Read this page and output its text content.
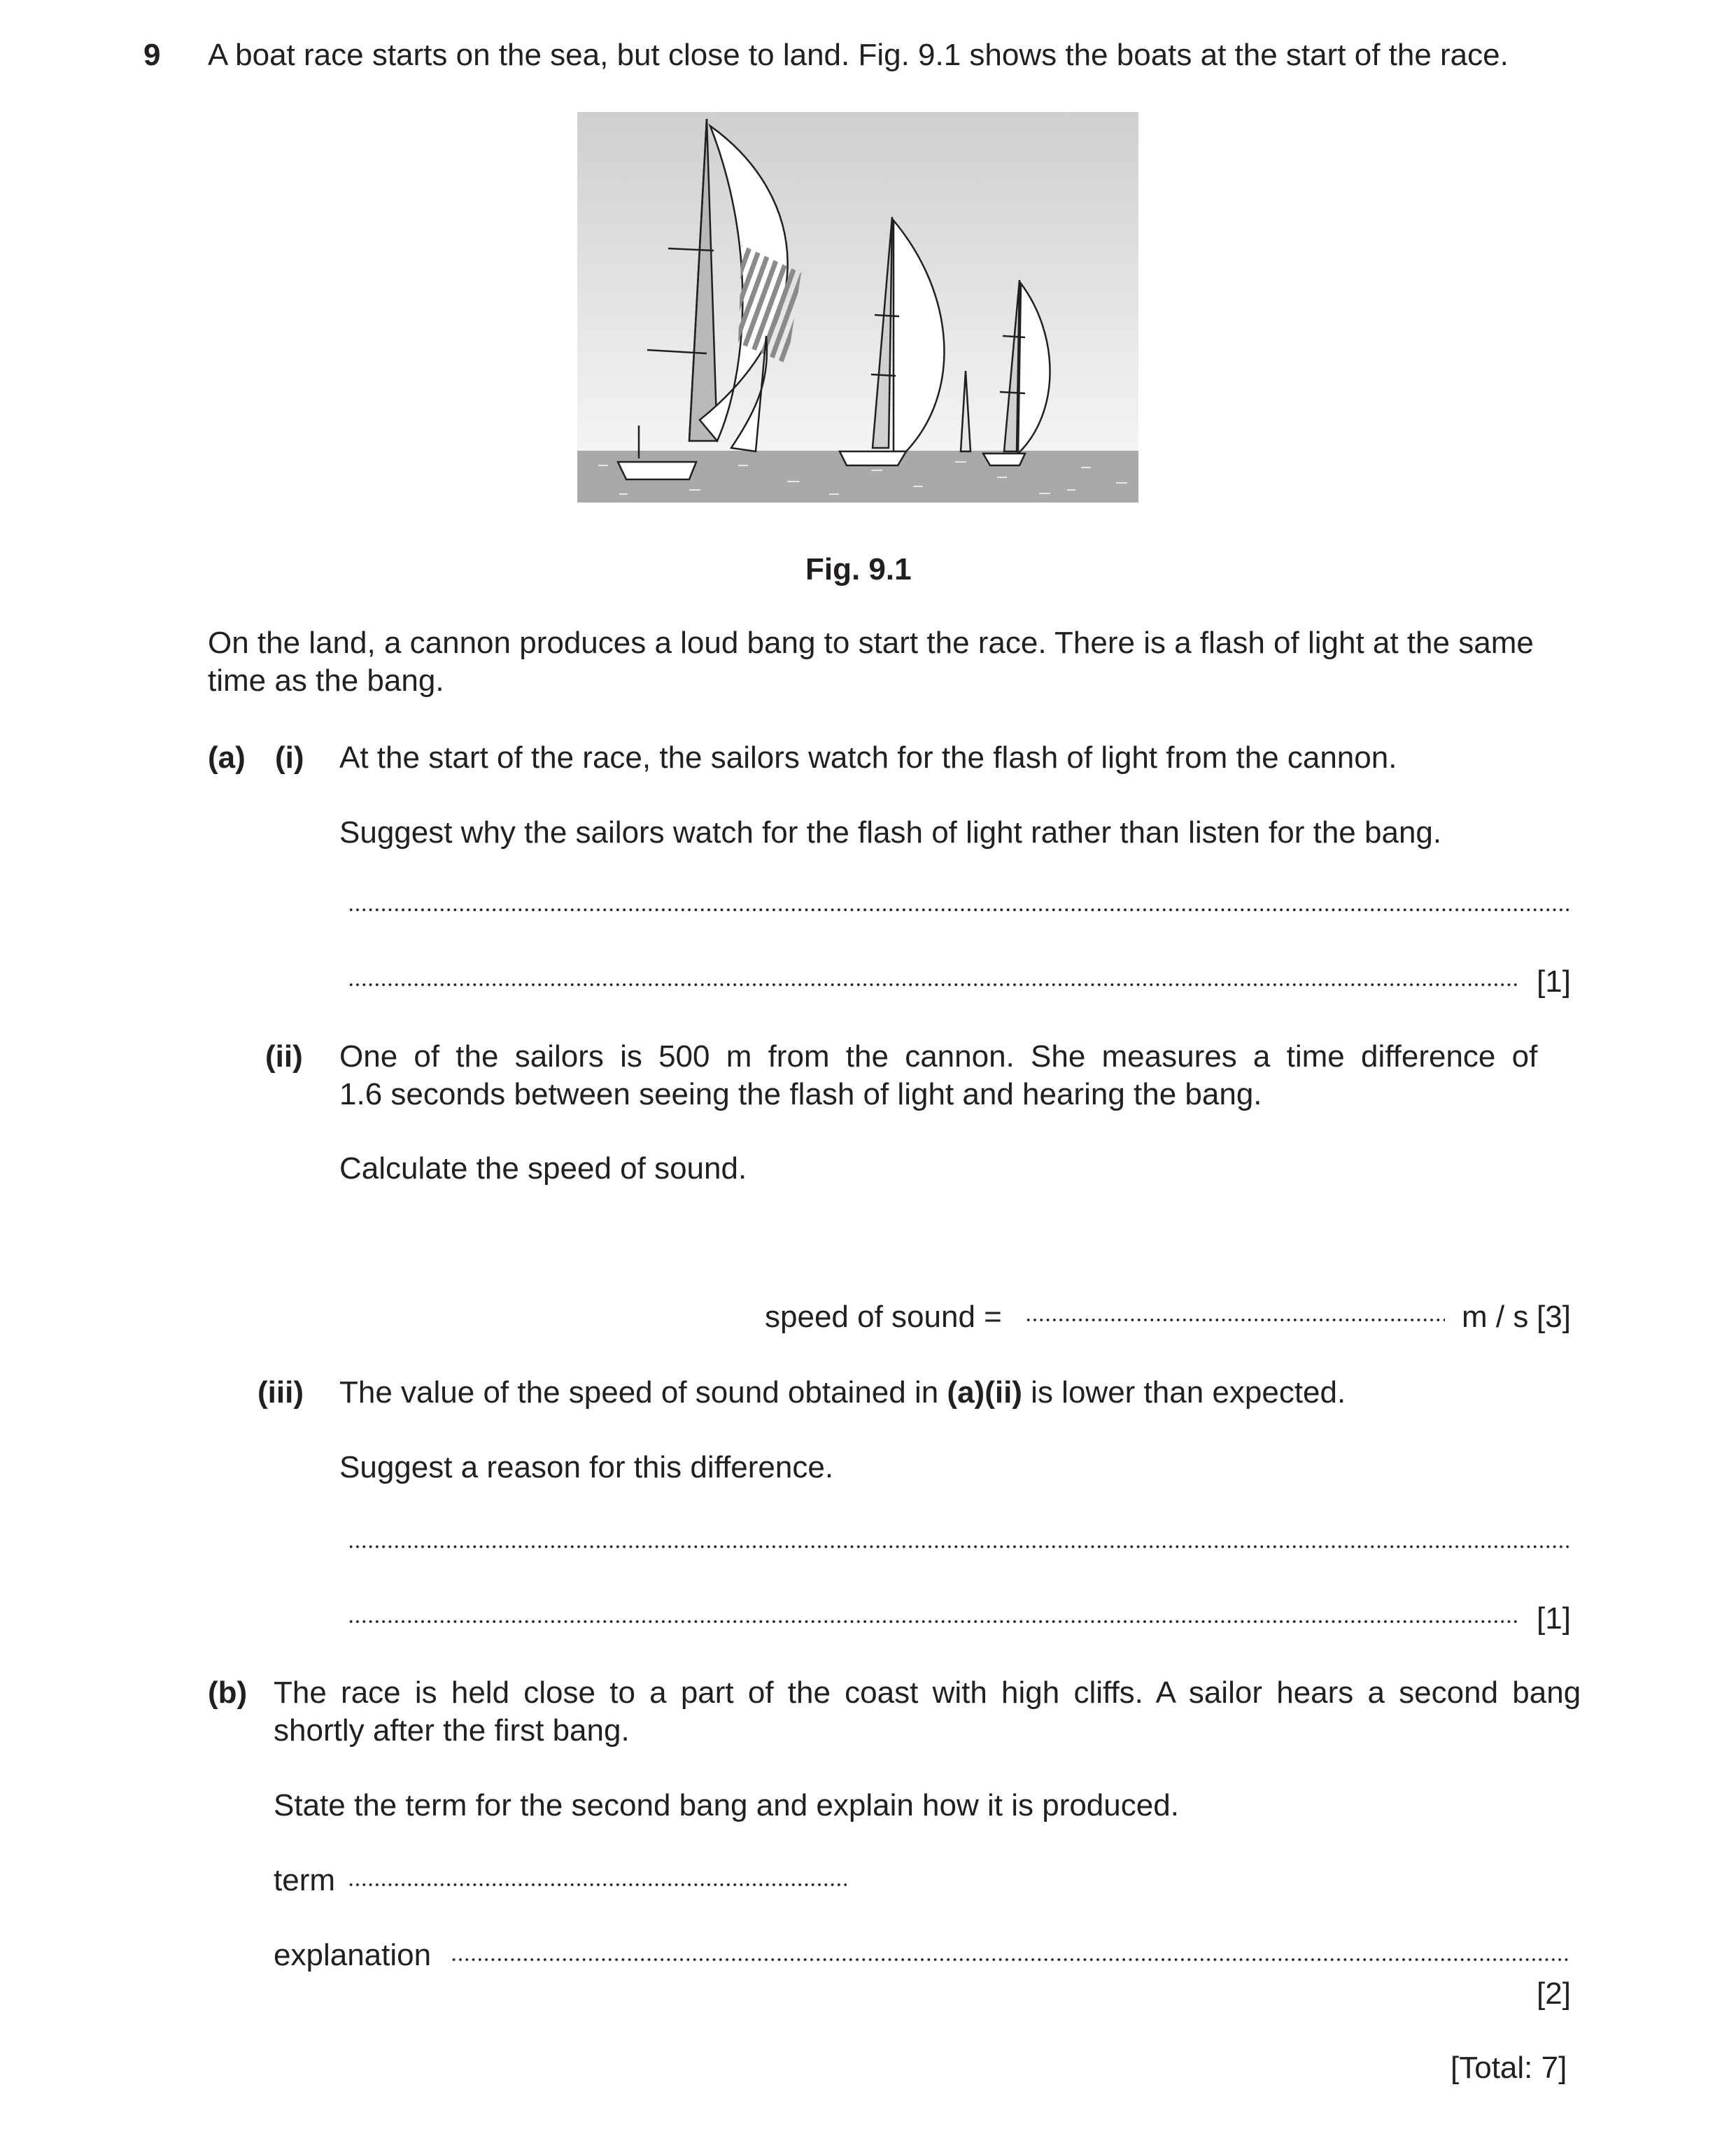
9 A boat race starts on the sea, but close to land. Fig. 9.1 shows the boats at the start of the race.
Fig. 9.1
On the land, a cannon produces a loud bang to start the race. There is a flash of light at the same
time as the bang.
(a) (i) At the start of the race, the sailors watch for the flash of light from the cannon.
Suggest why the sailors watch for the flash of light rather than listen for the bang.
[1]
(ii) One of the sailors is 500 m from the cannon. She measures a time difference of
1.6 seconds between seeing the flash of light and hearing the bang.
Calculate the speed of sound.
speed of sound =	m / s [3]
(iii) The value of the speed of sound obtained in (a)(ii) is lower than expected.
Suggest a reason for this difference.
[1]
(b) The race is held close to a part of the coast with high cliffs. A sailor hears a second bang
shortly after the first bang.
State the term for the second bang and explain how it is produced.
term
explanation
[2]
[Total: 7]
